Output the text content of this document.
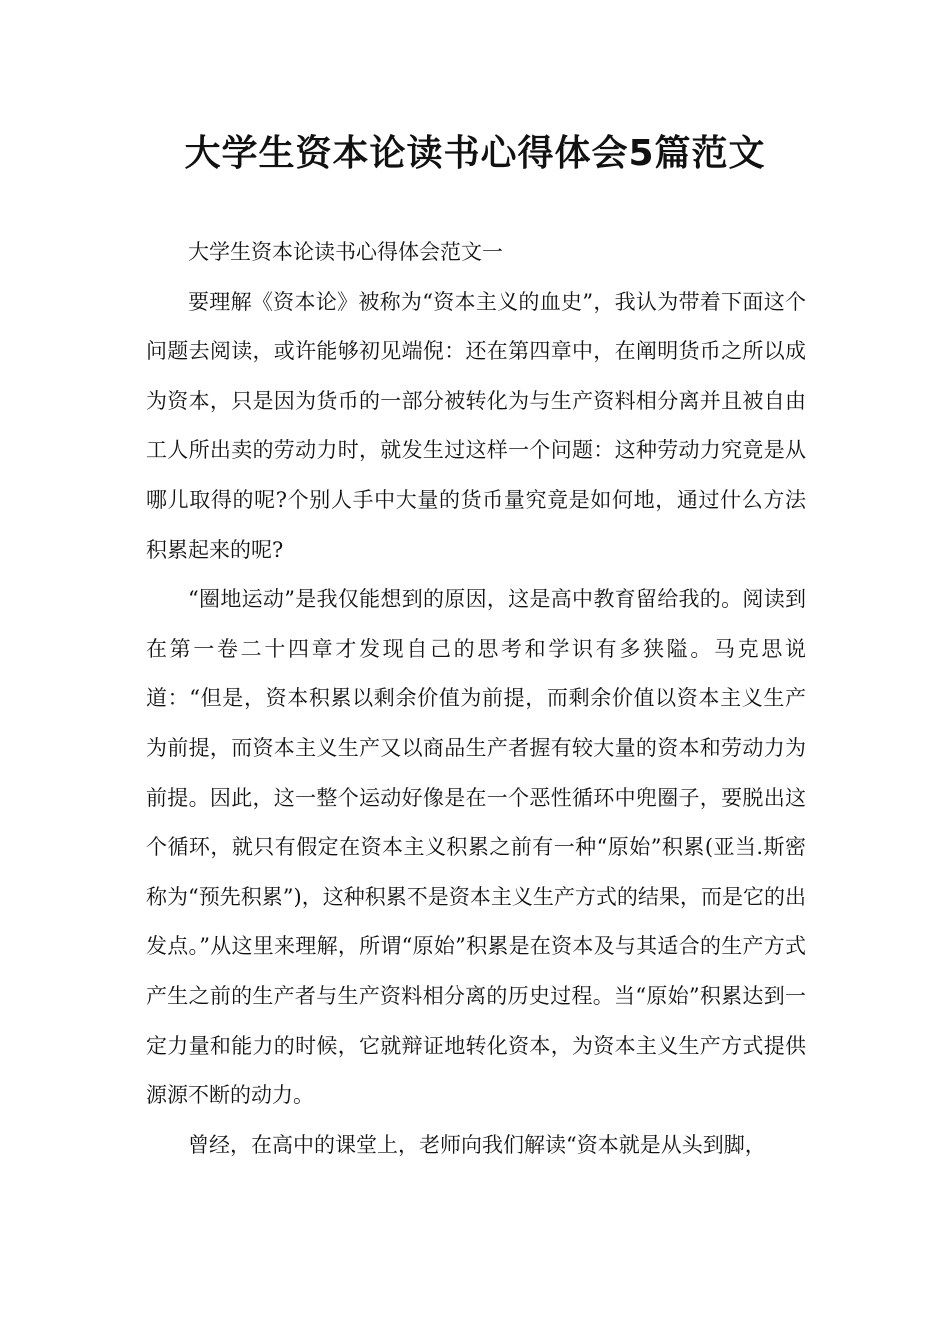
大学生资本论读书心得体会5篇范文

大学生资本论读书心得体会范文一

要理解《资本论》被称为“资本主义的血史”，我认为带着下面这个问题去阅读，或许能够初见端倪：还在第四章中，在阐明货币之所以成为资本，只是因为货币的一部分被转化为与生产资料相分离并且被自由工人所出卖的劳动力时，就发生过这样一个问题：这种劳动力究竟是从哪儿取得的呢?个别人手中大量的货币量究竟是如何地，通过什么方法积累起来的呢?

“圈地运动”是我仅能想到的原因，这是高中教育留给我的。阅读到在第一卷二十四章才发现自己的思考和学识有多狭隘。马克思说道：“但是，资本积累以剩余价值为前提，而剩余价值以资本主义生产为前提，而资本主义生产又以商品生产者握有较大量的资本和劳动力为前提。因此，这一整个运动好像是在一个恶性循环中兜圈子，要脱出这个循环，就只有假定在资本主义积累之前有一种“原始”积累(亚当.斯密称为“预先积累”)，这种积累不是资本主义生产方式的结果，而是它的出发点。”从这里来理解，所谓“原始”积累是在资本及与其适合的生产方式产生之前的生产者与生产资料相分离的历史过程。当“原始”积累达到一定力量和能力的时候，它就辩证地转化资本，为资本主义生产方式提供源源不断的动力。

曾经，在高中的课堂上，老师向我们解读“资本就是从头到脚，
